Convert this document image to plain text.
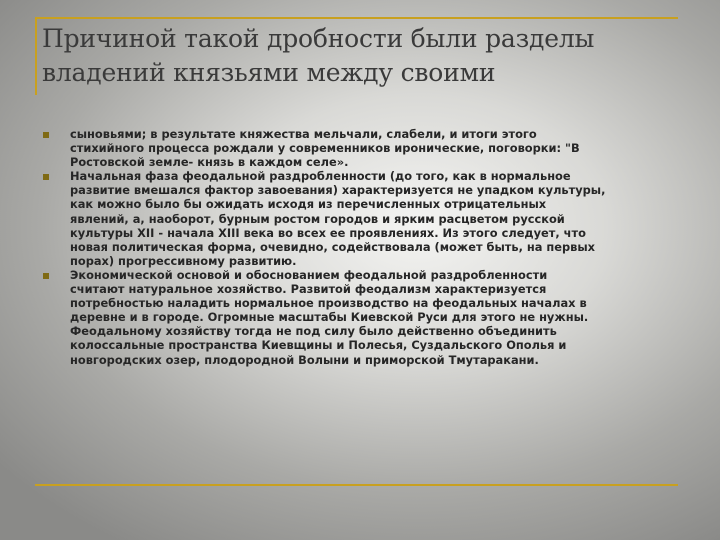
Причиной такой дробности были разделы
владений князьями между своими
сыновьями; в результате княжества мельчали, слабели, и итоги этого
стихийного процесса рождали у современников иронические, поговорки: "В
Ростовской земле- князь в каждом селе».
Начальная фаза феодальной раздробленности (до того, как в нормальное
развитие вмешался фактор завоевания) характеризуется не упадком культуры,
как можно было бы ожидать исходя из перечисленных отрицательных
явлений, а, наоборот, бурным ростом городов и ярким расцветом русской
культуры XII - начала XIII века во всех ее проявлениях. Из этого следует, что
новая политическая форма, очевидно, содействовала (может быть, на первых
порах) прогрессивному развитию.
Экономической основой и обоснованием феодальной раздробленности
считают натуральное хозяйство. Развитой феодализм характеризуется
потребностью наладить нормальное производство на феодальных началах в
деревне и в городе. Огромные масштабы Киевской Руси для этого не нужны.
Феодальному хозяйству тогда не под силу было действенно объединить
колоссальные пространства Киевщины и Полесья, Суздальского Ополья и
новгородских озер, плодородной Волыни и приморской Тмутаракани.
